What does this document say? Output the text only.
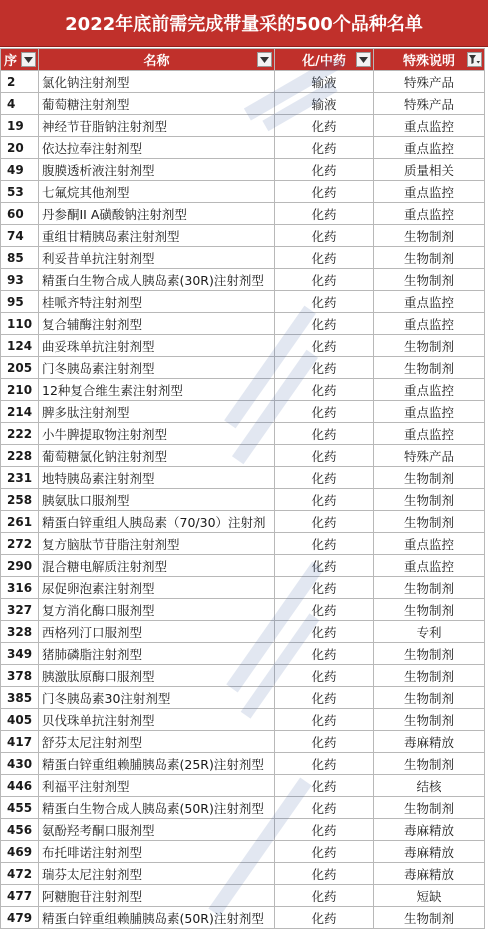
2022年底前需完成带量采的500个品种名单
序	名称	化/中药	特殊说明

2	氯化钠注射剂型	输液	特殊产品
4	葡萄糖注射剂型	输液	特殊产品
19	神经节苷脂钠注射剂型	化药	重点监控
20	依达拉奉注射剂型	化药	重点监控
49	腹膜透析液注射剂型	化药	质量相关
53	七氟烷其他剂型	化药	重点监控
60	丹参酮II A磺酸钠注射剂型	化药	重点监控
74	重组甘精胰岛素注射剂型	化药	生物制剂
85	利妥昔单抗注射剂型	化药	生物制剂
93	精蛋白生物合成人胰岛素(30R)注射剂型	化药	生物制剂
95	桂哌齐特注射剂型	化药	重点监控
110	复合辅酶注射剂型	化药	重点监控
124	曲妥珠单抗注射剂型	化药	生物制剂
205	门冬胰岛素注射剂型	化药	生物制剂
210	12种复合维生素注射剂型	化药	重点监控
214	脾多肽注射剂型	化药	重点监控
222	小牛脾提取物注射剂型	化药	重点监控
228	葡萄糖氯化钠注射剂型	化药	特殊产品
231	地特胰岛素注射剂型	化药	生物制剂
258	胰氨肽口服剂型	化药	生物制剂
261	精蛋白锌重组人胰岛素（70/30）注射剂	化药	生物制剂
272	复方脑肽节苷脂注射剂型	化药	重点监控
290	混合糖电解质注射剂型	化药	重点监控
316	尿促卵泡素注射剂型	化药	生物制剂
327	复方消化酶口服剂型	化药	生物制剂
328	西格列汀口服剂型	化药	专利
349	猪肺磷脂注射剂型	化药	生物制剂
378	胰激肽原酶口服剂型	化药	生物制剂
385	门冬胰岛素30注射剂型	化药	生物制剂
405	贝伐珠单抗注射剂型	化药	生物制剂
417	舒芬太尼注射剂型	化药	毒麻精放
430	精蛋白锌重组赖脯胰岛素(25R)注射剂型	化药	生物制剂
446	利福平注射剂型	化药	结核
455	精蛋白生物合成人胰岛素(50R)注射剂型	化药	生物制剂
456	氨酚羟考酮口服剂型	化药	毒麻精放
469	布托啡诺注射剂型	化药	毒麻精放
472	瑞芬太尼注射剂型	化药	毒麻精放
477	阿糖胞苷注射剂型	化药	短缺
479	精蛋白锌重组赖脯胰岛素(50R)注射剂型	化药	生物制剂
